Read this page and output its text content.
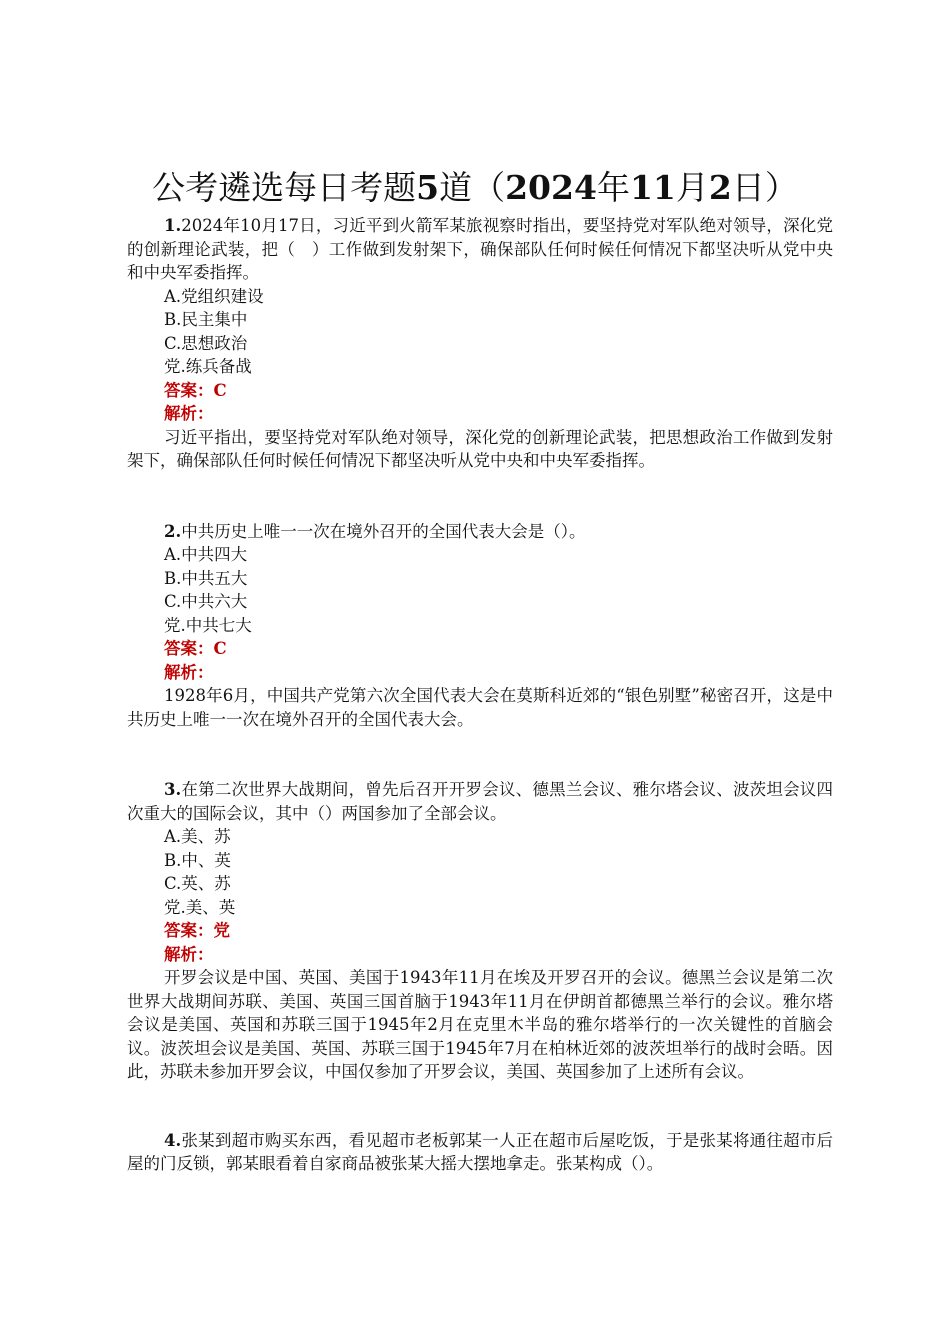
公考遴选每日考题5道（2024年11月2日）

1.2024年10月17日，习近平到火箭军某旅视察时指出，要坚持党对军队绝对领导，深化党的创新理论武装，把（　）工作做到发射架下，确保部队任何时候任何情况下都坚决听从党中央和中央军委指挥。

A.党组织建设

B.民主集中

C.思想政治

党.练兵备战

答案：C

解析：

习近平指出，要坚持党对军队绝对领导，深化党的创新理论武装，把思想政治工作做到发射架下，确保部队任何时候任何情况下都坚决听从党中央和中央军委指挥。

2.中共历史上唯一一次在境外召开的全国代表大会是（）。

A.中共四大

B.中共五大

C.中共六大

党.中共七大

答案：C

解析：

1928年6月，中国共产党第六次全国代表大会在莫斯科近郊的“银色别墅”秘密召开，这是中共历史上唯一一次在境外召开的全国代表大会。

3.在第二次世界大战期间，曾先后召开开罗会议、德黑兰会议、雅尔塔会议、波茨坦会议四次重大的国际会议，其中（）两国参加了全部会议。

A.美、苏

B.中、英

C.英、苏

党.美、英

答案：党

解析：

开罗会议是中国、英国、美国于1943年11月在埃及开罗召开的会议。德黑兰会议是第二次世界大战期间苏联、美国、英国三国首脑于1943年11月在伊朗首都德黑兰举行的会议。雅尔塔会议是美国、英国和苏联三国于1945年2月在克里木半岛的雅尔塔举行的一次关键性的首脑会议。波茨坦会议是美国、英国、苏联三国于1945年7月在柏林近郊的波茨坦举行的战时会晤。因此，苏联未参加开罗会议，中国仅参加了开罗会议，美国、英国参加了上述所有会议。

4.张某到超市购买东西，看见超市老板郭某一人正在超市后屋吃饭，于是张某将通往超市后屋的门反锁，郭某眼看着自家商品被张某大摇大摆地拿走。张某构成（）。
